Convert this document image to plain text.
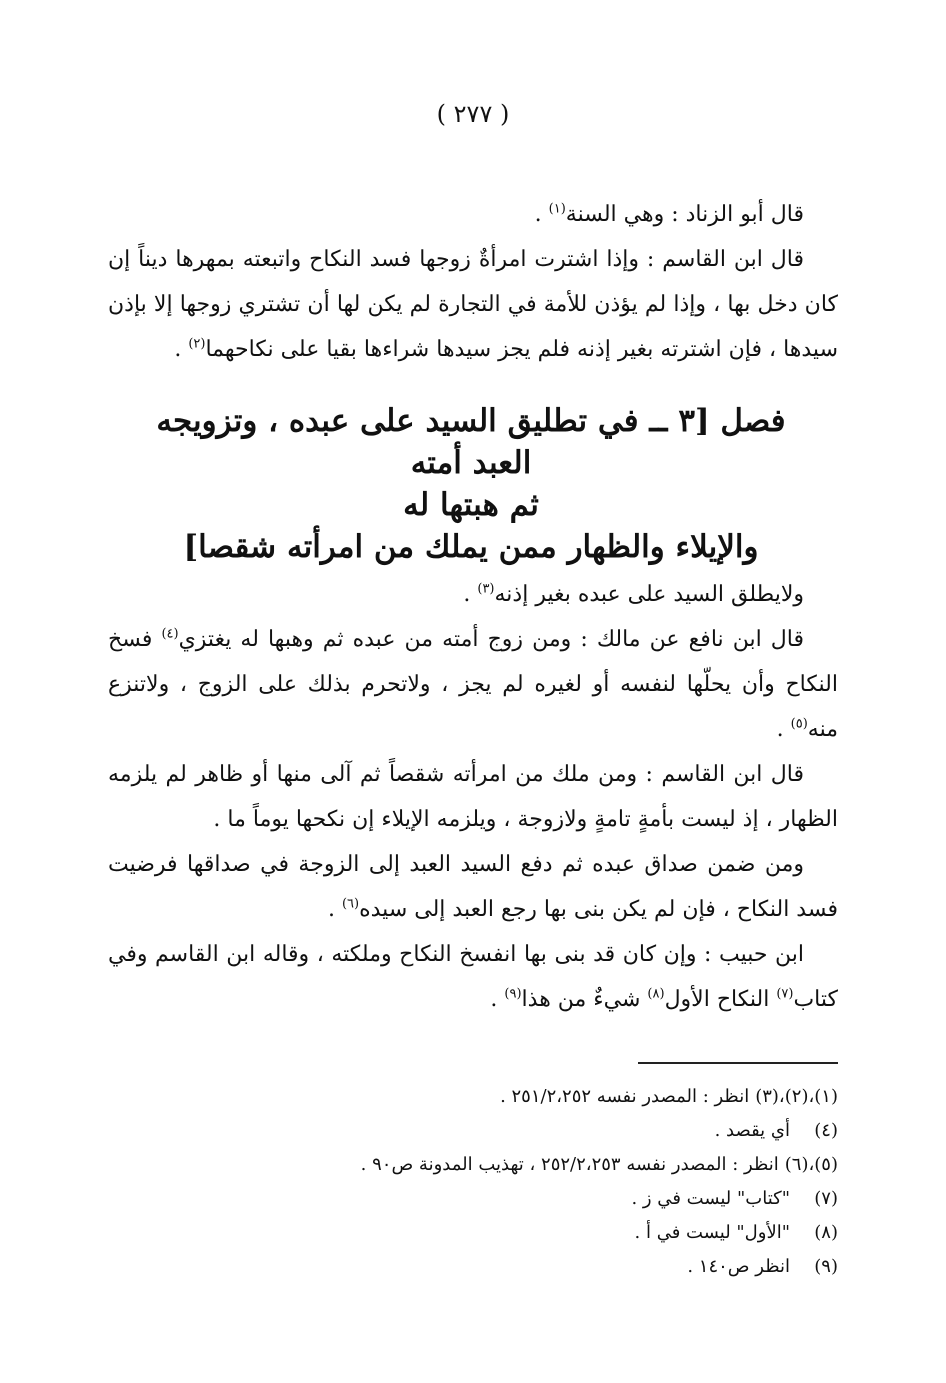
( ٢٧٧ )

قال أبو الزناد : وهي السنة$^{(١)}$ .

قال ابن القاسم : وإذا اشترت امرأةٌ زوجها فسد النكاح واتبعته بمهرها ديناً إن كان دخل بها ، وإذا لم يؤذن للأمة في التجارة لم يكن لها أن تشتري زوجها إلا بإذن سيدها ، فإن اشترته بغير إذنه فلم يجز سيدها شراءها بقيا على نكاحهما$^{(٢)}$ .

فصل [٣ ــ في تطليق السيد على عبده ، وتزويجه العبد أمته

ثم هبتها له

والإيلاء والظهار ممن يملك من امرأته شقصا]

ولايطلق السيد على عبده بغير إذنه$^{(٣)}$ .

قال ابن نافع عن مالك : ومن زوج أمته من عبده ثم وهبها له يغتزي$^{(٤)}$ فسخ النكاح وأن يحلّها لنفسه أو لغيره لم يجز ، ولاتحرم بذلك على الزوج ، ولاتنزع منه$^{(٥)}$ .

قال ابن القاسم : ومن ملك من امرأته شقصاً ثم آلى منها أو ظاهر لم يلزمه الظهار ، إذ ليست بأمةٍ تامةٍ ولازوجة ، ويلزمه الإيلاء إن نكحها يوماً ما .

ومن ضمن صداق عبده ثم دفع السيد العبد إلى الزوجة في صداقها فرضيت فسد النكاح ، فإن لم يكن بنى بها رجع العبد إلى سيده$^{(٦)}$ .

ابن حبيب : وإن كان قد بنى بها انفسخ النكاح وملكته ، وقاله ابن القاسم وفي كتاب$^{(٧)}$ النكاح الأول$^{(٨)}$ شيءٌ من هذا$^{(٩)}$ .

(١)،(٢)،(٣)
انظر : المصدر نفسه ٢٥١/٢،٢٥٢ .
(٤)
أي يقصد .
(٥)،(٦)
انظر : المصدر نفسه ٢٥٢/٢،٢٥٣ ، تهذيب المدونة ص٩٠ .
(٧)
"كتاب" ليست في ز .
(٨)
"الأول" ليست في أ .
(٩)
انظر ص١٤٠ .
